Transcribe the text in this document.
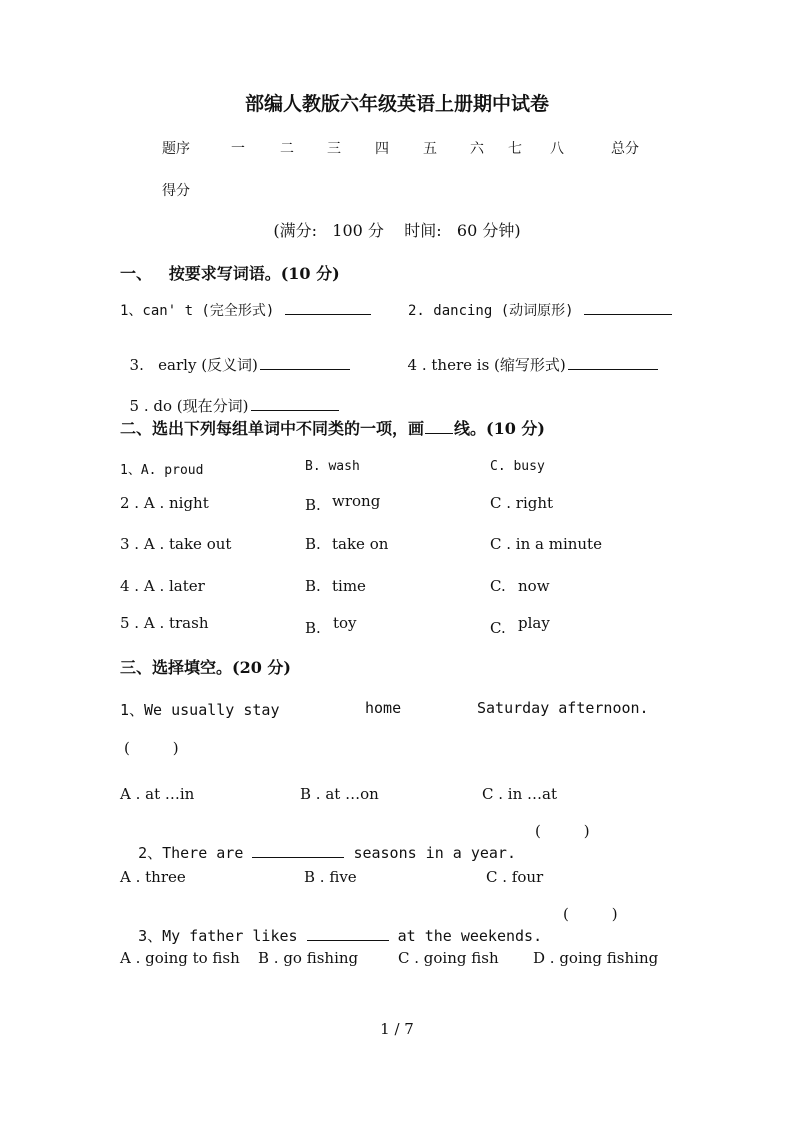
部编人教版六年级英语上册期中试卷
题序	一	二 三 四 五 六 七 八	总分
得分
(满分:   100 分    时间:   60 分钟)
一、   按要求写词语。(10 分)
1、can' t (完全形式)	2. dancing (动词原形)

3.   early (反义词)	4 . there is (缩写形式)

5 . do (现在分词)

二、选出下列每组单词中不同类的一项，画 线。(10 分)
1、A. proud	B. wash	C. busy
2 . A . night	B. wrong	C . right
3 . A . take out	B. take on	C . in a minute
4 . A . later	B. time	C. now
5 . A . trash	B. toy	C. play
三、选择填空。(20 分)
1、We usually stay	home	Saturday afternoon.
(         )
A . at …in	B . at …on	C . in …at

2、There are	seasons in a year.

(         )
A . three	B . five	C . four

3、My father likes	at the weekends.

(         )
A . going to fish B . go fishing	C . going fish D . going fishing
1 / 7
